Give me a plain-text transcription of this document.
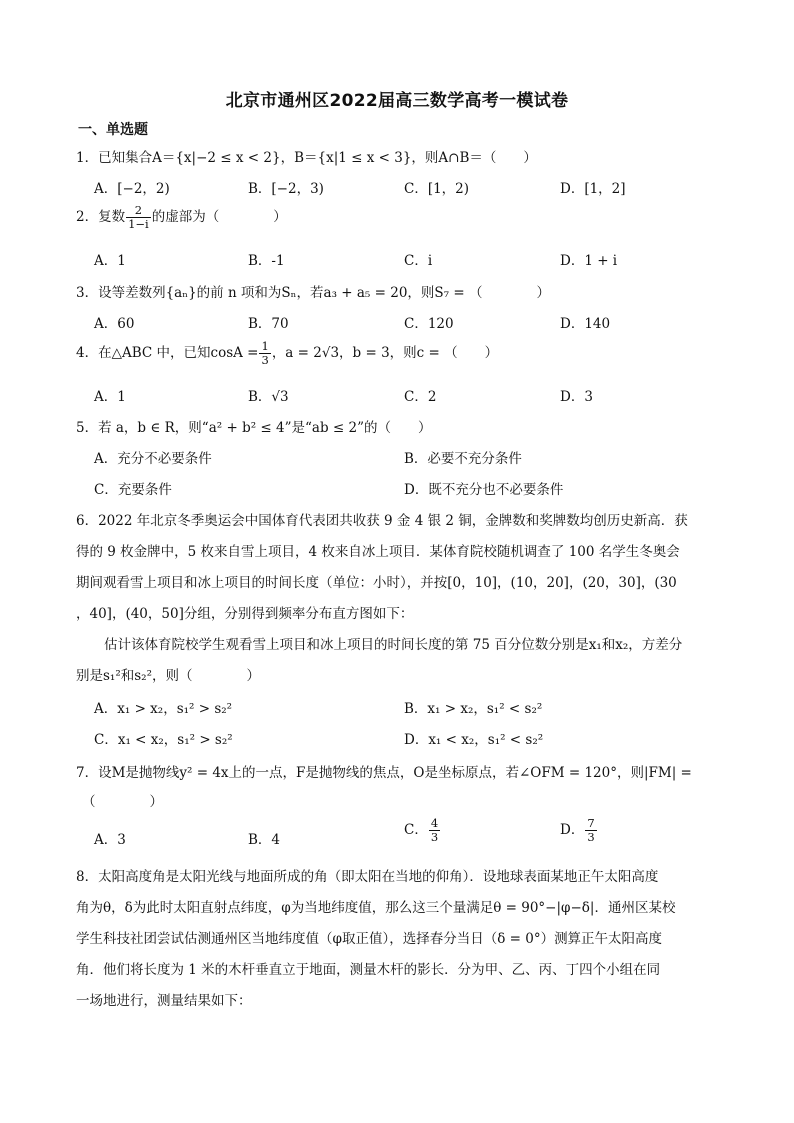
北京市通州区2022届高三数学高考一模试卷
一、单选题
1．已知集合A＝{x|−2 ≤ x < 2}，B＝{x|1 ≤ x < 3}，则A∩B＝（　　）
A．[−2，2)	B．[−2，3)	C．[1，2)	D．[1，2]
2．复数 $\frac{2}{1-i}$ 的虚部为（　　　　）
A．1	B．-1	C．i	D．1 + i
3．设等差数列{aₙ}的前 n 项和为Sₙ，若a₃ + a₅ = 20，则S₇ = （　　　　）
A．60	B．70	C．120	D．140
4．在△ABC 中，已知$\cos A = \frac{1}{3}$ ，a = 2√3，b = 3，则c = （　　）
A．1	B．√3	C．2	D．3
5．若 a，b ∈ R，则“a² + b² ≤ 4”是“ab ≤ 2”的（　　）
A．充分不必要条件	B．必要不充分条件
C．充要条件	D．既不充分也不必要条件
6．2022 年北京冬季奥运会中国体育代表团共收获 9 金 4 银 2 铜，金牌数和奖牌数均创历史新高．获
得的 9 枚金牌中，5 枚来自雪上项目，4 枚来自冰上项目．某体育院校随机调查了 100 名学生冬奥会
期间观看雪上项目和冰上项目的时间长度（单位：小时），并按[0，10]，(10，20]，(20，30]，(30
，40]，(40，50]分组，分别得到频率分布直方图如下：
估计该体育院校学生观看雪上项目和冰上项目的时间长度的第 75 百分位数分别是x₁和x₂，方差分
别是s₁²和s₂²，则（　　　　）
A．x₁ > x₂，s₁² > s₂²	B．x₁ > x₂，s₁² < s₂²
C．x₁ < x₂，s₁² > s₂²	D．x₁ < x₂，s₁² < s₂²
7．设M是抛物线y² = 4x上的一点，F是抛物线的焦点，O是坐标原点，若∠OFM = 120°，则|FM| =
（　　　　）
A．3	B．4
C． $\frac{4}{3}$	D． $\frac{7}{3}$
8．太阳高度角是太阳光线与地面所成的角（即太阳在当地的仰角）．设地球表面某地正午太阳高度
角为θ，δ为此时太阳直射点纬度，φ为当地纬度值，那么这三个量满足θ = 90°−|φ−δ|．通州区某校
学生科技社团尝试估测通州区当地纬度值（φ取正值），选择春分当日（δ = 0°）测算正午太阳高度
角．他们将长度为 1 米的木杆垂直立于地面，测量木杆的影长．分为甲、乙、丙、丁四个小组在同
一场地进行，测量结果如下：
